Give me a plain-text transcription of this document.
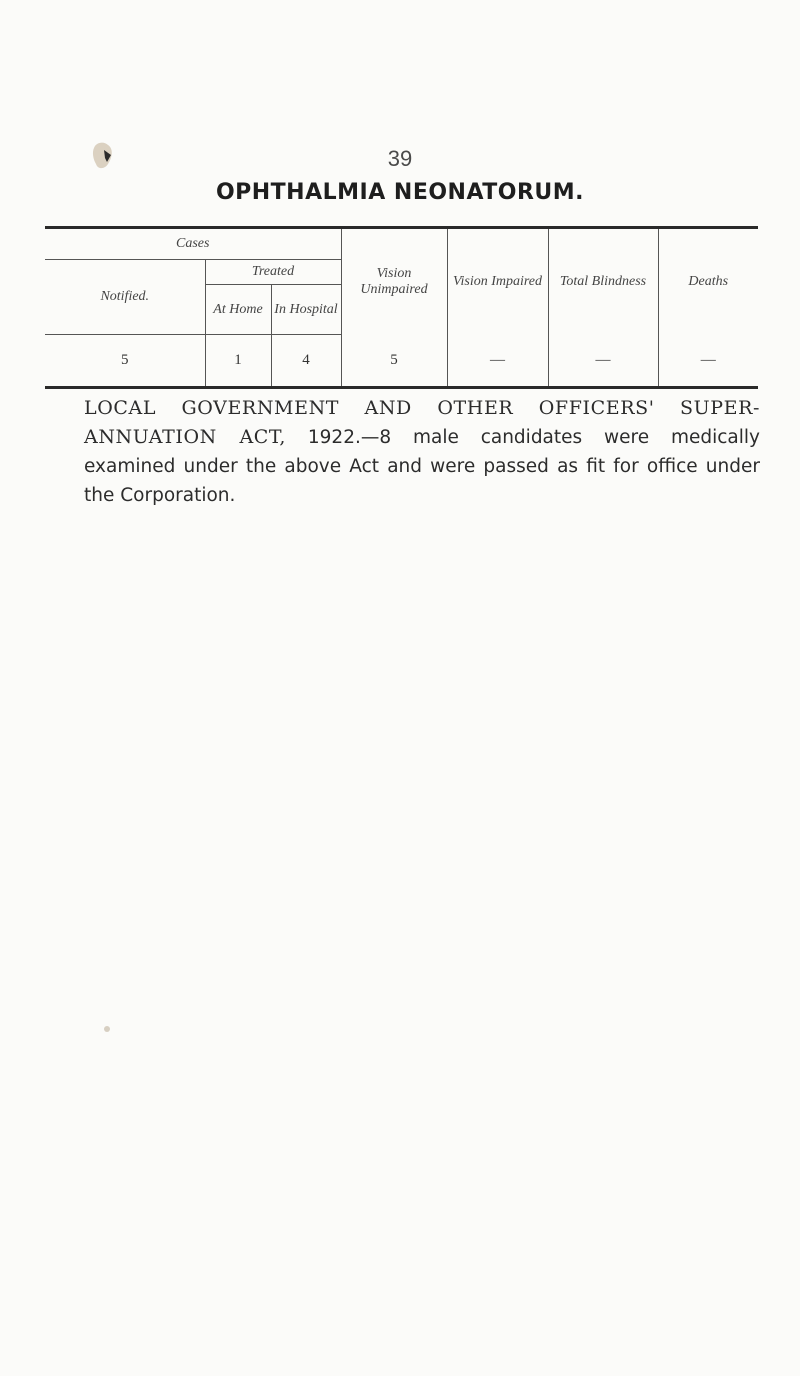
39
OPHTHALMIA NEONATORUM.
Cases			Vision Unimpaired	Vision Impaired	Total Blindness	Deaths
Notified.	Treated					
	At Home	In Hospital				
5	1	4	5	—	—	—
LOCAL GOVERNMENT AND OTHER OFFICERS' SUPER-ANNUATION ACT, 1922.—8 male candidates were medically examined under the above Act and were passed as fit for office under the Corporation.
